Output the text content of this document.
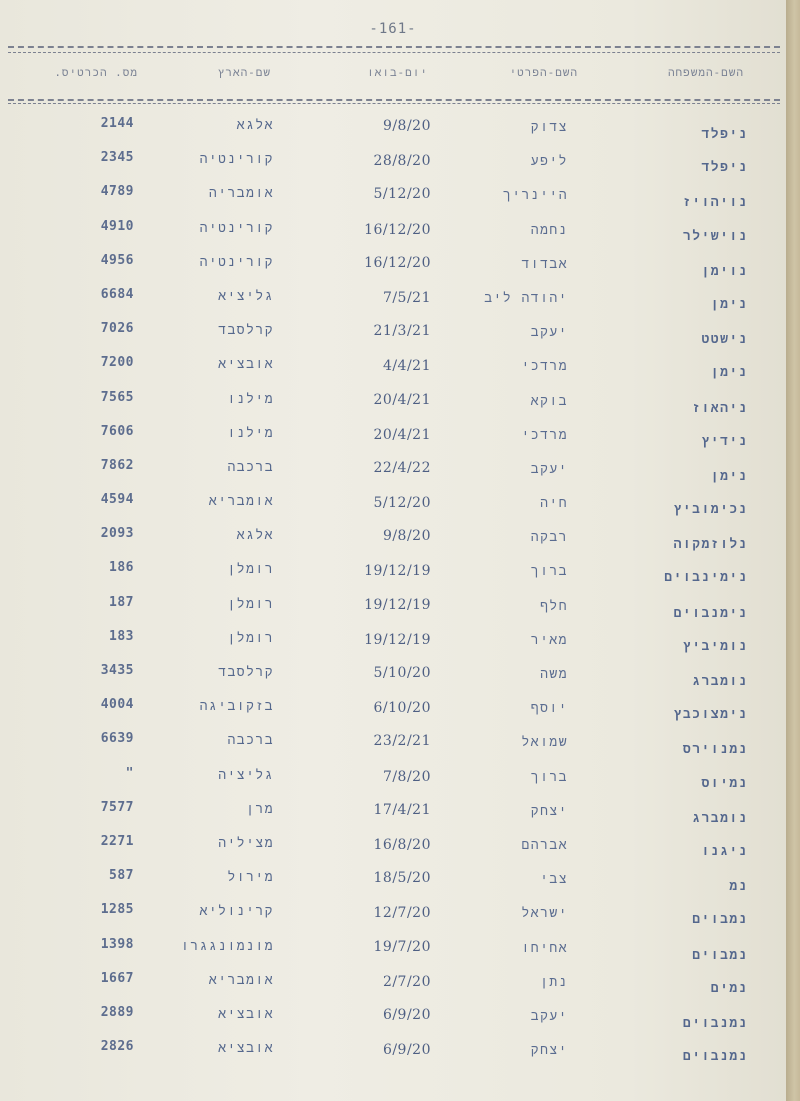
-161-
השם-המשפחה
השם-הפרטי
יום-בואו
שם-הארץ
מס. הכרטיס.
ניפלד
צדוק
9/8/20
אלגא
2144
ניפלד
ליפע
28/8/20
קורינטיה
2345
נויהויז
היינריך
5/12/20
אומבריה
4789
נוישילר
נחמה
16/12/20
קורינטיה
4910
נוימן
אבדוד
16/12/20
קורינטיה
4956
נימן
יהודה ליב
7/5/21
גליציא
6684
נישטט
יעקב
21/3/21
קרלסבד
7026
נימן
מרדכי
4/4/21
אובציא
7200
ניהאוז
בוקא
20/4/21
מילנו
7565
נידיץ
מרדכי
20/4/21
מילנו
7606
נימן
יעקב
22/4/22
ברכבה
7862
נכימוביץ
חיה
5/12/20
אומבריא
4594
נלוזמקוה
רבקה
9/8/20
אלגא
2093
נימינבוים
ברוך
19/12/19
רומלן
186
נימנבוים
חלף
19/12/19
רומלן
187
נומיביץ
מאיר
19/12/19
רומלן
183
נומברג
משה
5/10/20
קרלסבד
3435
נימצוכבץ
יוסף
6/10/20
בזקוביגה
4004
נמנוירס
שמואל
23/2/21
ברכבה
6639
נמיוס
ברוך
7/8/20
גליציה
"
נומברג
יצחק
17/4/21
מרן
7577
ניגנו
אברהם
16/8/20
מציליה
2271
נמ
צבי
18/5/20
מירול
587
נמבוים
ישראל
12/7/20
קרינוליא
1285
נמבוים
אחיחו
19/7/20
מונמונגגרו
1398
נמים
נתן
2/7/20
אומבריא
1667
נמנבוים
יעקב
6/9/20
אובציא
2889
נמנבוים
יצחק
6/9/20
אובציא
2826
